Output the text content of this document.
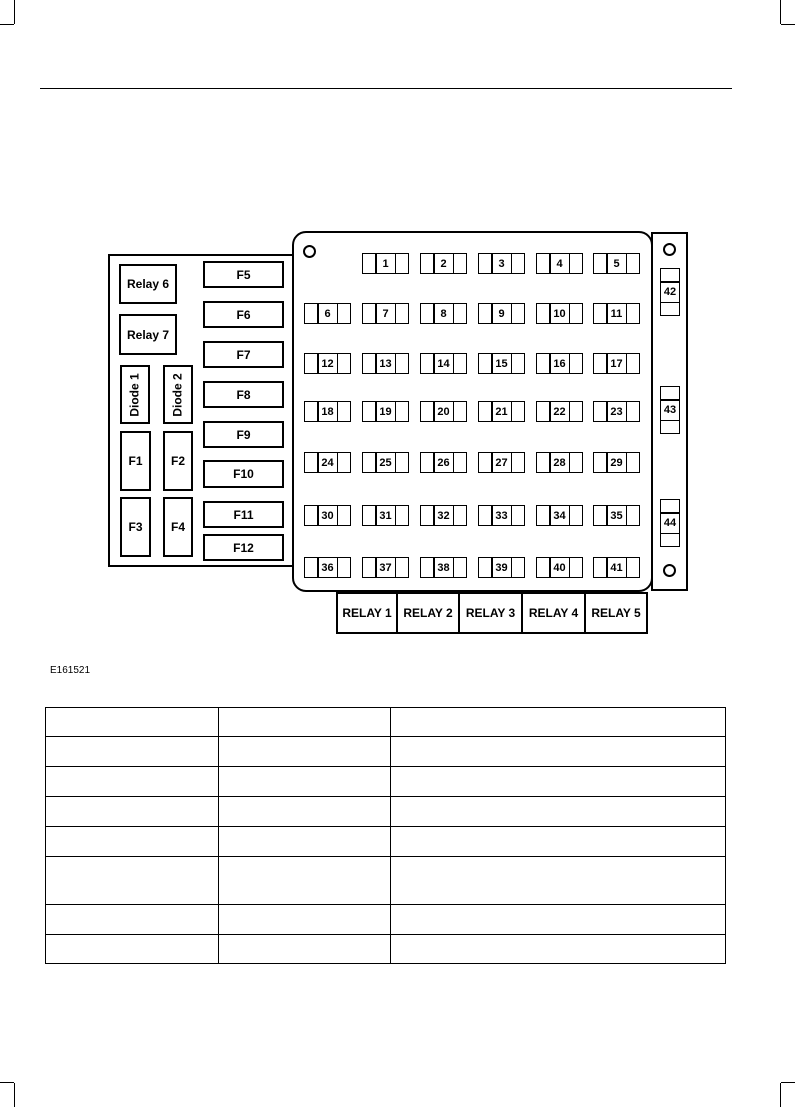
Relay 6
Relay 7
Diode 1 Diode 2
F1 F2
F3 F4
F5
F6
F7
F8
F9
F10
F11
F12
1	2	3	4	5
6	7	8	9	10	11
12	13	14	15	16	17
18	19	20	21	22	23
24	25	26	27	28	29
30	31	32	33	34	35
36	37	38	39	40	41
42
43
44
RELAY 1 RELAY 2 RELAY 3 RELAY 4 RELAY 5
E161521
